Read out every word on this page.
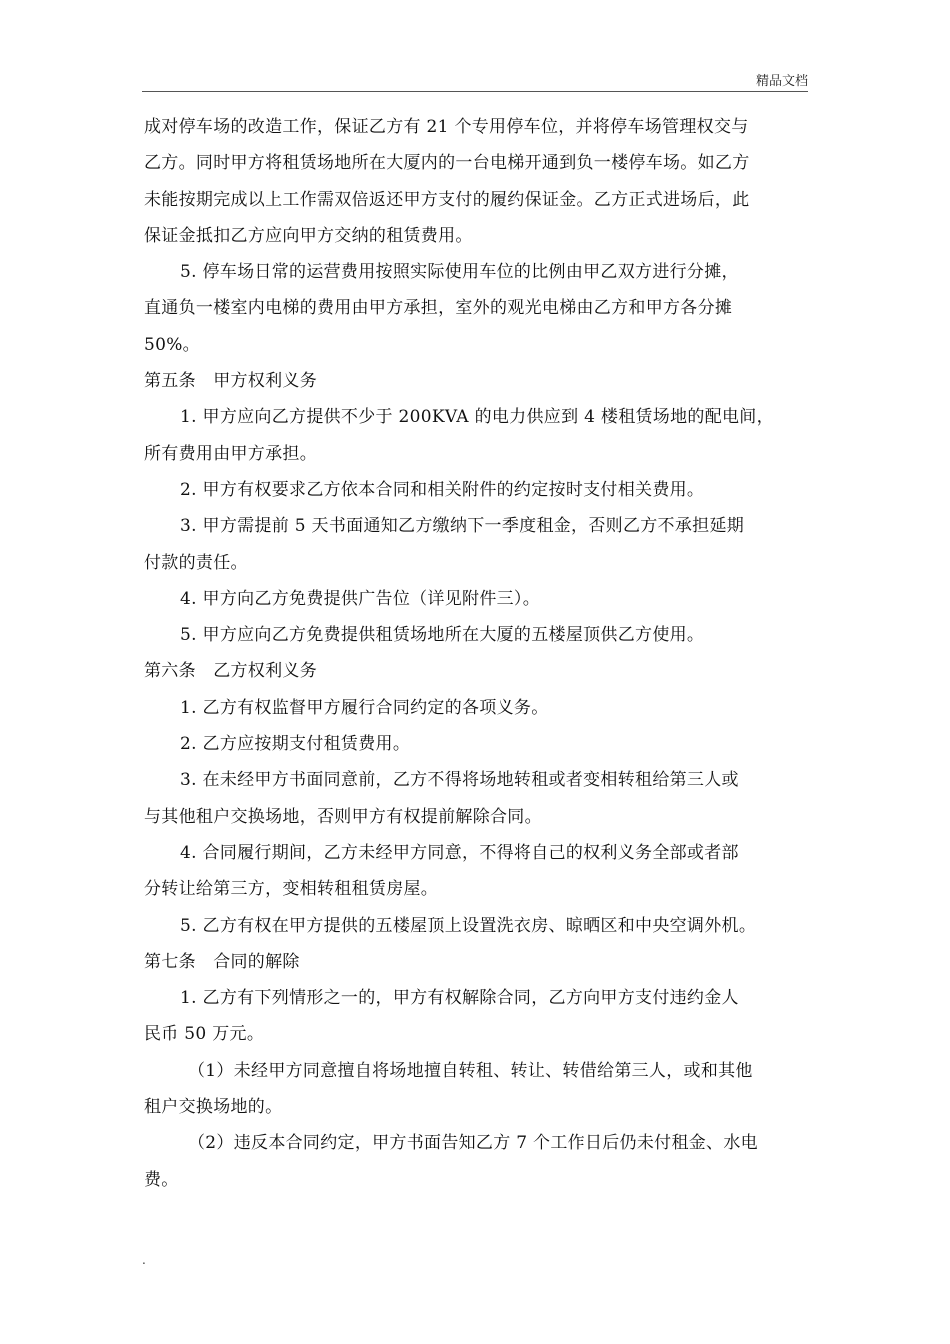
精品文档
成对停车场的改造工作，保证乙方有 21 个专用停车位，并将停车场管理权交与
乙方。同时甲方将租赁场地所在大厦内的一台电梯开通到负一楼停车场。如乙方
未能按期完成以上工作需双倍返还甲方支付的履约保证金。乙方正式进场后，此
保证金抵扣乙方应向甲方交纳的租赁费用。
5. 停车场日常的运营费用按照实际使用车位的比例由甲乙双方进行分摊，
直通负一楼室内电梯的费用由甲方承担，室外的观光电梯由乙方和甲方各分摊
50%。
第五条　甲方权利义务
1. 甲方应向乙方提供不少于 200KVA 的电力供应到 4 楼租赁场地的配电间，
所有费用由甲方承担。
2. 甲方有权要求乙方依本合同和相关附件的约定按时支付相关费用。
3. 甲方需提前 5 天书面通知乙方缴纳下一季度租金，否则乙方不承担延期
付款的责任。
4. 甲方向乙方免费提供广告位（详见附件三）。
5. 甲方应向乙方免费提供租赁场地所在大厦的五楼屋顶供乙方使用。
第六条　乙方权利义务
1. 乙方有权监督甲方履行合同约定的各项义务。
2. 乙方应按期支付租赁费用。
3. 在未经甲方书面同意前，乙方不得将场地转租或者变相转租给第三人或
与其他租户交换场地，否则甲方有权提前解除合同。
4. 合同履行期间，乙方未经甲方同意，不得将自己的权利义务全部或者部
分转让给第三方，变相转租租赁房屋。
5. 乙方有权在甲方提供的五楼屋顶上设置洗衣房、晾晒区和中央空调外机。
第七条　合同的解除
1. 乙方有下列情形之一的，甲方有权解除合同，乙方向甲方支付违约金人
民币 50 万元。
（1）未经甲方同意擅自将场地擅自转租、转让、转借给第三人，或和其他
租户交换场地的。
（2）违反本合同约定，甲方书面告知乙方 7 个工作日后仍未付租金、水电
费。
.
